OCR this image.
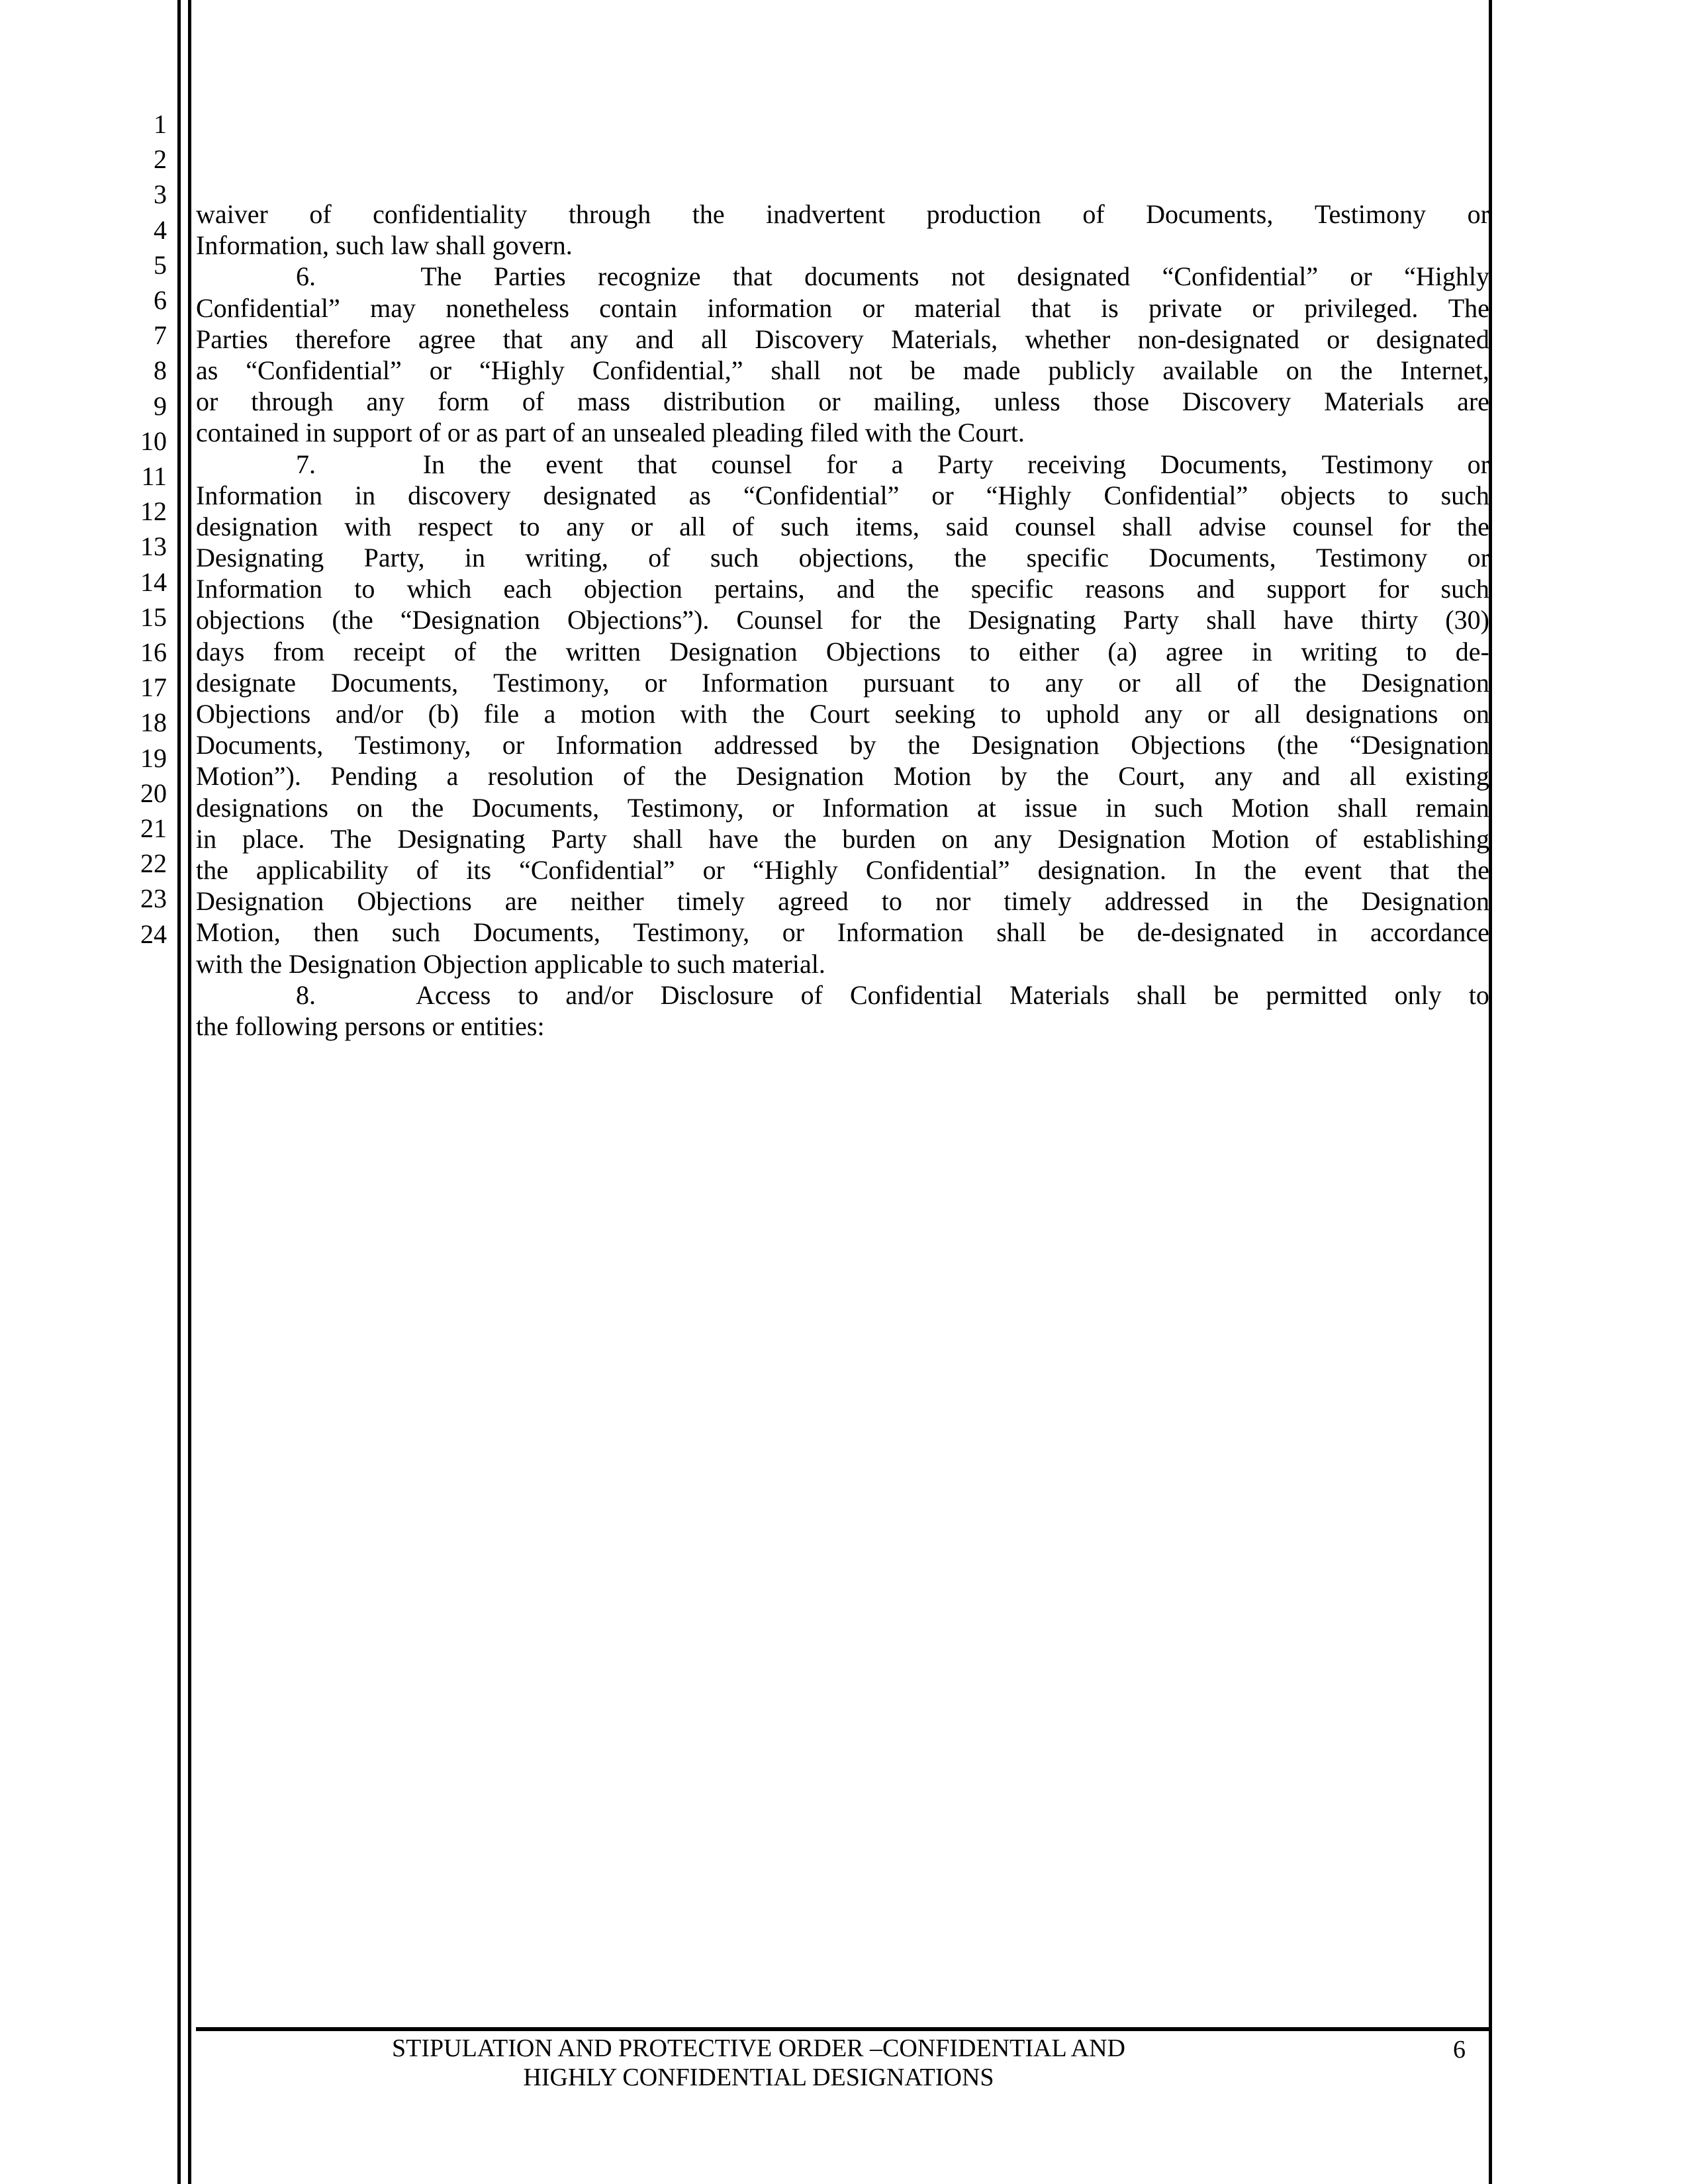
1
2
3
4
5
6
7
8
9
10
11
12
13
14
15
16
17
18
19
20
21
22
23
24
waiver of confidentiality through the inadvertent production of Documents, Testimony or
Information, such law shall govern.
6.	The Parties recognize that documents not designated “Confidential” or “Highly
Confidential” may nonetheless contain information or material that is private or privileged. The
Parties therefore agree that any and all Discovery Materials, whether non-designated or designated
as “Confidential” or “Highly Confidential,” shall not be made publicly available on the Internet,
or through any form of mass distribution or mailing, unless those Discovery Materials are
contained in support of or as part of an unsealed pleading filed with the Court.
7.	In the event that counsel for a Party receiving Documents, Testimony or
Information in discovery designated as “Confidential” or “Highly Confidential” objects to such
designation with respect to any or all of such items, said counsel shall advise counsel for the
Designating Party, in writing, of such objections, the specific Documents, Testimony or
Information to which each objection pertains, and the specific reasons and support for such
objections (the “Designation Objections”). Counsel for the Designating Party shall have thirty (30)
days from receipt of the written Designation Objections to either (a) agree in writing to de-
designate Documents, Testimony, or Information pursuant to any or all of the Designation
Objections and/or (b) file a motion with the Court seeking to uphold any or all designations on
Documents, Testimony, or Information addressed by the Designation Objections (the “Designation
Motion”). Pending a resolution of the Designation Motion by the Court, any and all existing
designations on the Documents, Testimony, or Information at issue in such Motion shall remain
in place. The Designating Party shall have the burden on any Designation Motion of establishing
the applicability of its “Confidential” or “Highly Confidential” designation. In the event that the
Designation Objections are neither timely agreed to nor timely addressed in the Designation
Motion, then such Documents, Testimony, or Information shall be de-designated in accordance
with the Designation Objection applicable to such material.
8.	Access to and/or Disclosure of Confidential Materials shall be permitted only to
the following persons or entities:
STIPULATION AND PROTECTIVE ORDER –CONFIDENTIAL AND
HIGHLY CONFIDENTIAL DESIGNATIONS
6
